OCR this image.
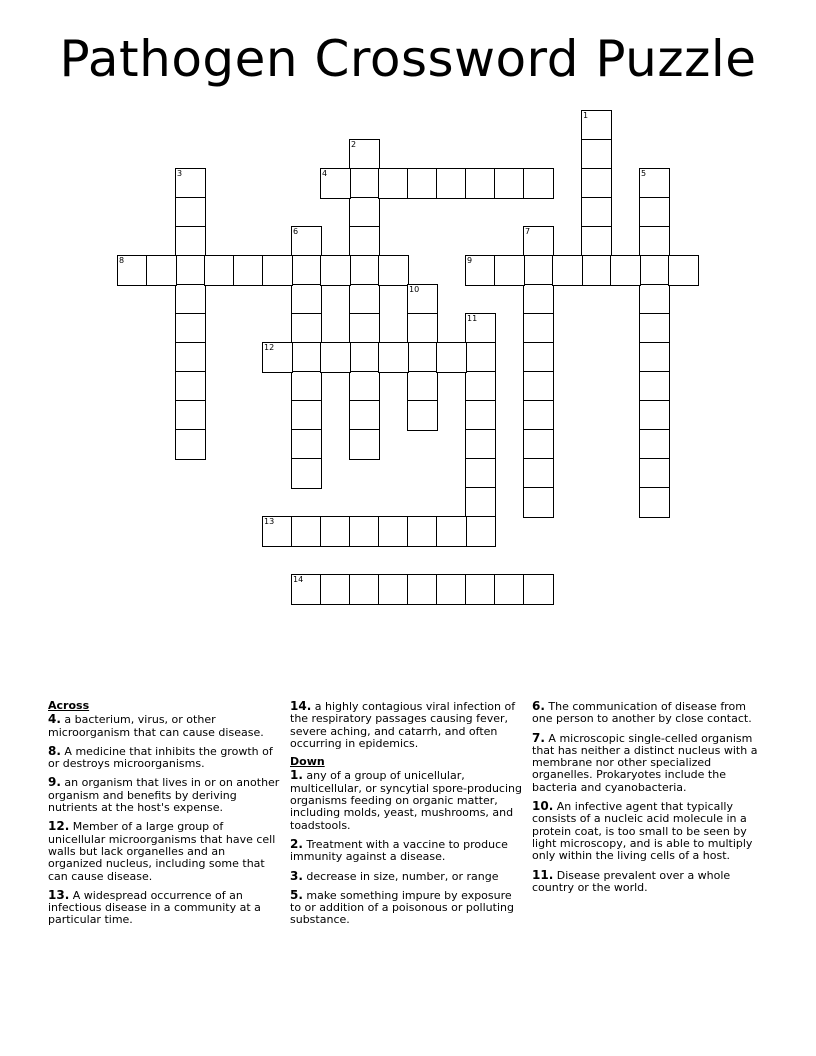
Pathogen Crossword Puzzle
1
2
3	4	5
6	7
8	9
10
11
12
13
14
Across
4. a bacterium, virus, or other microorganism that can cause disease.
8. A medicine that inhibits the growth of or destroys microorganisms.
9. an organism that lives in or on another organism and benefits by deriving nutrients at the host's expense.
12. Member of a large group of unicellular microorganisms that have cell walls but lack organelles and an organized nucleus, including some that can cause disease.
13. A widespread occurrence of an infectious disease in a community at a particular time.
14. a highly contagious viral infection of the respiratory passages causing fever, severe aching, and catarrh, and often occurring in epidemics.
Down
1. any of a group of unicellular, multicellular, or syncytial spore-producing organisms feeding on organic matter, including molds, yeast, mushrooms, and toadstools.
2. Treatment with a vaccine to produce immunity against a disease.
3. decrease in size, number, or range
5. make something impure by exposure to or addition of a poisonous or polluting substance.
6. The communication of disease from one person to another by close contact.
7. A microscopic single-celled organism that has neither a distinct nucleus with a membrane nor other specialized organelles. Prokaryotes include the bacteria and cyanobacteria.
10. An infective agent that typically consists of a nucleic acid molecule in a protein coat, is too small to be seen by light microscopy, and is able to multiply only within the living cells of a host.
11. Disease prevalent over a whole country or the world.
